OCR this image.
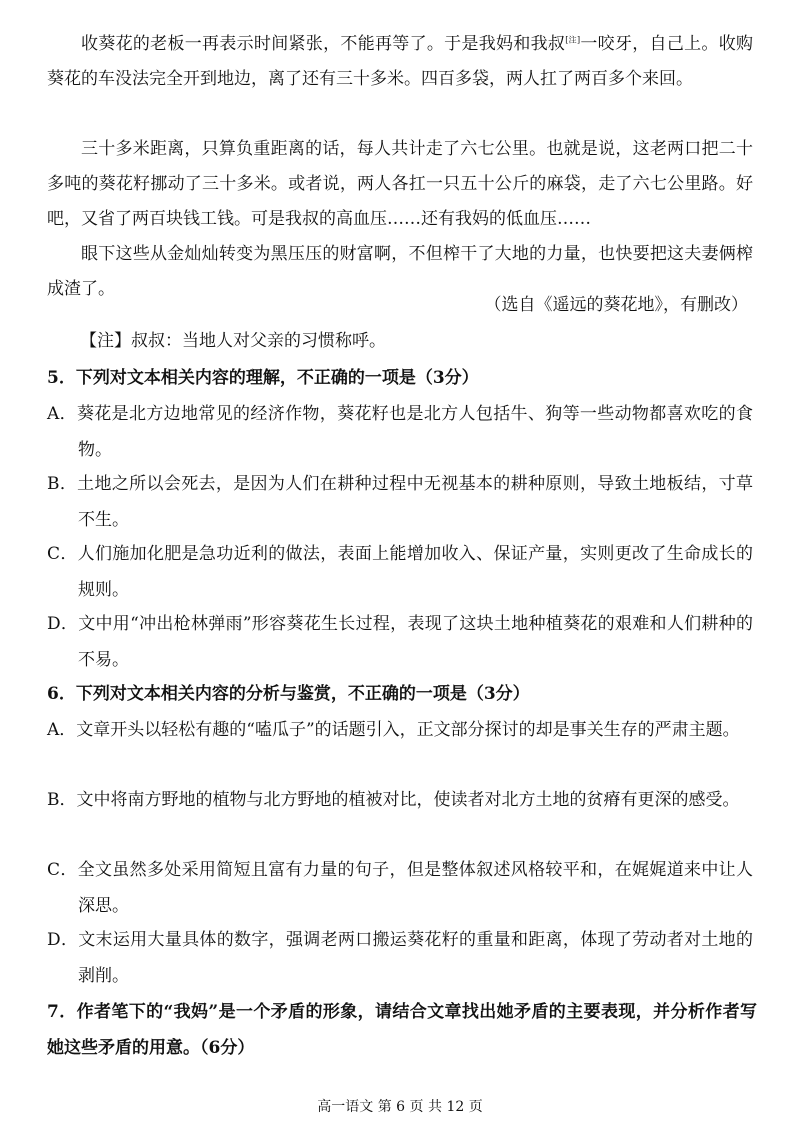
收葵花的老板一再表示时间紧张，不能再等了。于是我妈和我叔[注]一咬牙，自己上。收购葵花的车没法完全开到地边，离了还有三十多米。四百多袋，两人扛了两百多个来回。

三十多米距离，只算负重距离的话，每人共计走了六七公里。也就是说，这老两口把二十多吨的葵花籽挪动了三十多米。或者说，两人各扛一只五十公斤的麻袋，走了六七公里路。好吧，又省了两百块钱工钱。可是我叔的高血压……还有我妈的低血压……

眼下这些从金灿灿转变为黑压压的财富啊，不但榨干了大地的力量，也快要把这夫妻俩榨成渣了。

（选自《遥远的葵花地》，有删改）
【注】叔叔：当地人对父亲的习惯称呼。

5．下列对文本相关内容的理解，不正确的一项是（3分）

A．葵花是北方边地常见的经济作物，葵花籽也是北方人包括牛、狗等一些动物都喜欢吃的食物。
B．土地之所以会死去，是因为人们在耕种过程中无视基本的耕种原则，导致土地板结，寸草不生。
C．人们施加化肥是急功近利的做法，表面上能增加收入、保证产量，实则更改了生命成长的规则。
D．文中用“冲出枪林弹雨”形容葵花生长过程，表现了这块土地种植葵花的艰难和人们耕种的不易。

6．下列对文本相关内容的分析与鉴赏，不正确的一项是（3分）

A．文章开头以轻松有趣的“嗑瓜子”的话题引入，正文部分探讨的却是事关生存的严肃主题。
B．文中将南方野地的植物与北方野地的植被对比，使读者对北方土地的贫瘠有更深的感受。
C．全文虽然多处采用简短且富有力量的句子，但是整体叙述风格较平和，在娓娓道来中让人深思。
D．文末运用大量具体的数字，强调老两口搬运葵花籽的重量和距离，体现了劳动者对土地的剥削。

7．作者笔下的“我妈”是一个矛盾的形象，请结合文章找出她矛盾的主要表现，并分析作者写她这些矛盾的用意。（6分）

高一语文 第 6 页 共 12 页
